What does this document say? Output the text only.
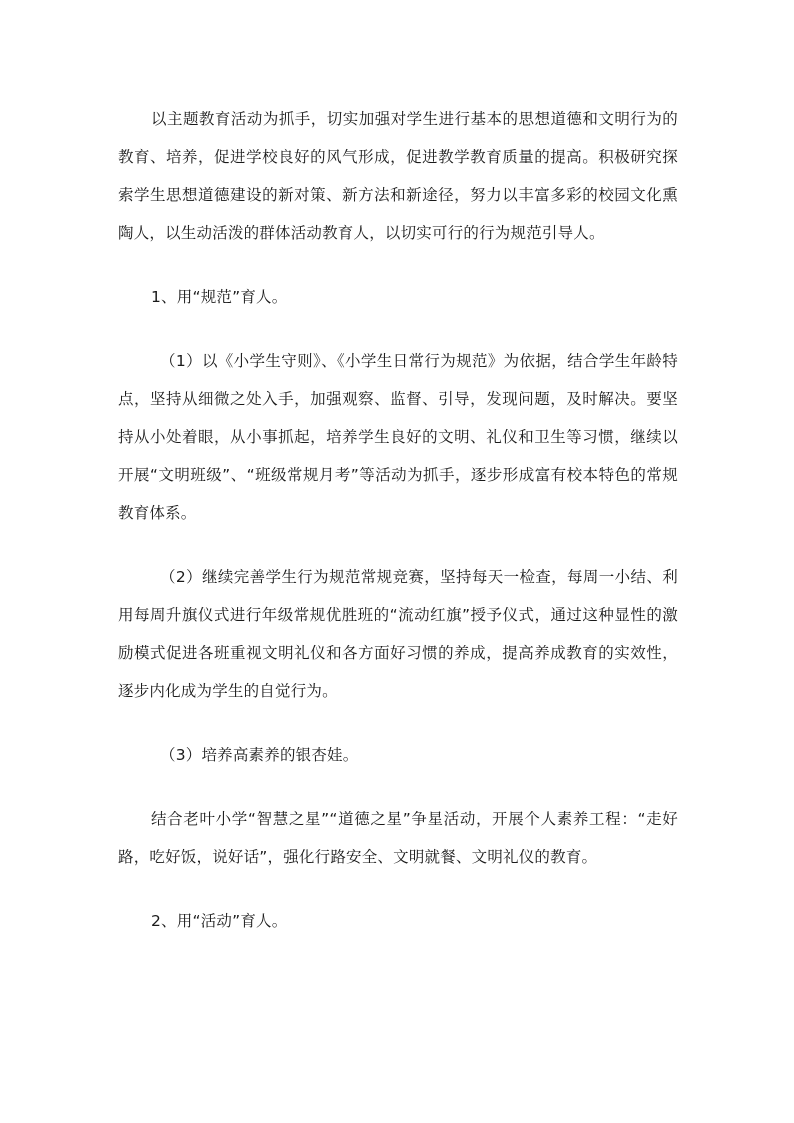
以主题教育活动为抓手，切实加强对学生进行基本的思想道德和文明行为的教育、培养，促进学校良好的风气形成，促进教学教育质量的提高。积极研究探索学生思想道德建设的新对策、新方法和新途径，努力以丰富多彩的校园文化熏陶人，以生动活泼的群体活动教育人，以切实可行的行为规范引导人。

1、用“规范”育人。

（1）以《小学生守则》、《小学生日常行为规范》为依据，结合学生年龄特点，坚持从细微之处入手，加强观察、监督、引导，发现问题，及时解决。要坚持从小处着眼，从小事抓起，培养学生良好的文明、礼仪和卫生等习惯，继续以开展“文明班级”、“班级常规月考”等活动为抓手，逐步形成富有校本特色的常规教育体系。

（2）继续完善学生行为规范常规竞赛，坚持每天一检查，每周一小结、利用每周升旗仪式进行年级常规优胜班的“流动红旗”授予仪式，通过这种显性的激励模式促进各班重视文明礼仪和各方面好习惯的养成，提高养成教育的实效性，逐步内化成为学生的自觉行为。

（3）培养高素养的银杏娃。

结合老叶小学“智慧之星”“道德之星”争星活动，开展个人素养工程：“走好路，吃好饭，说好话”，强化行路安全、文明就餐、文明礼仪的教育。

2、用“活动”育人。
